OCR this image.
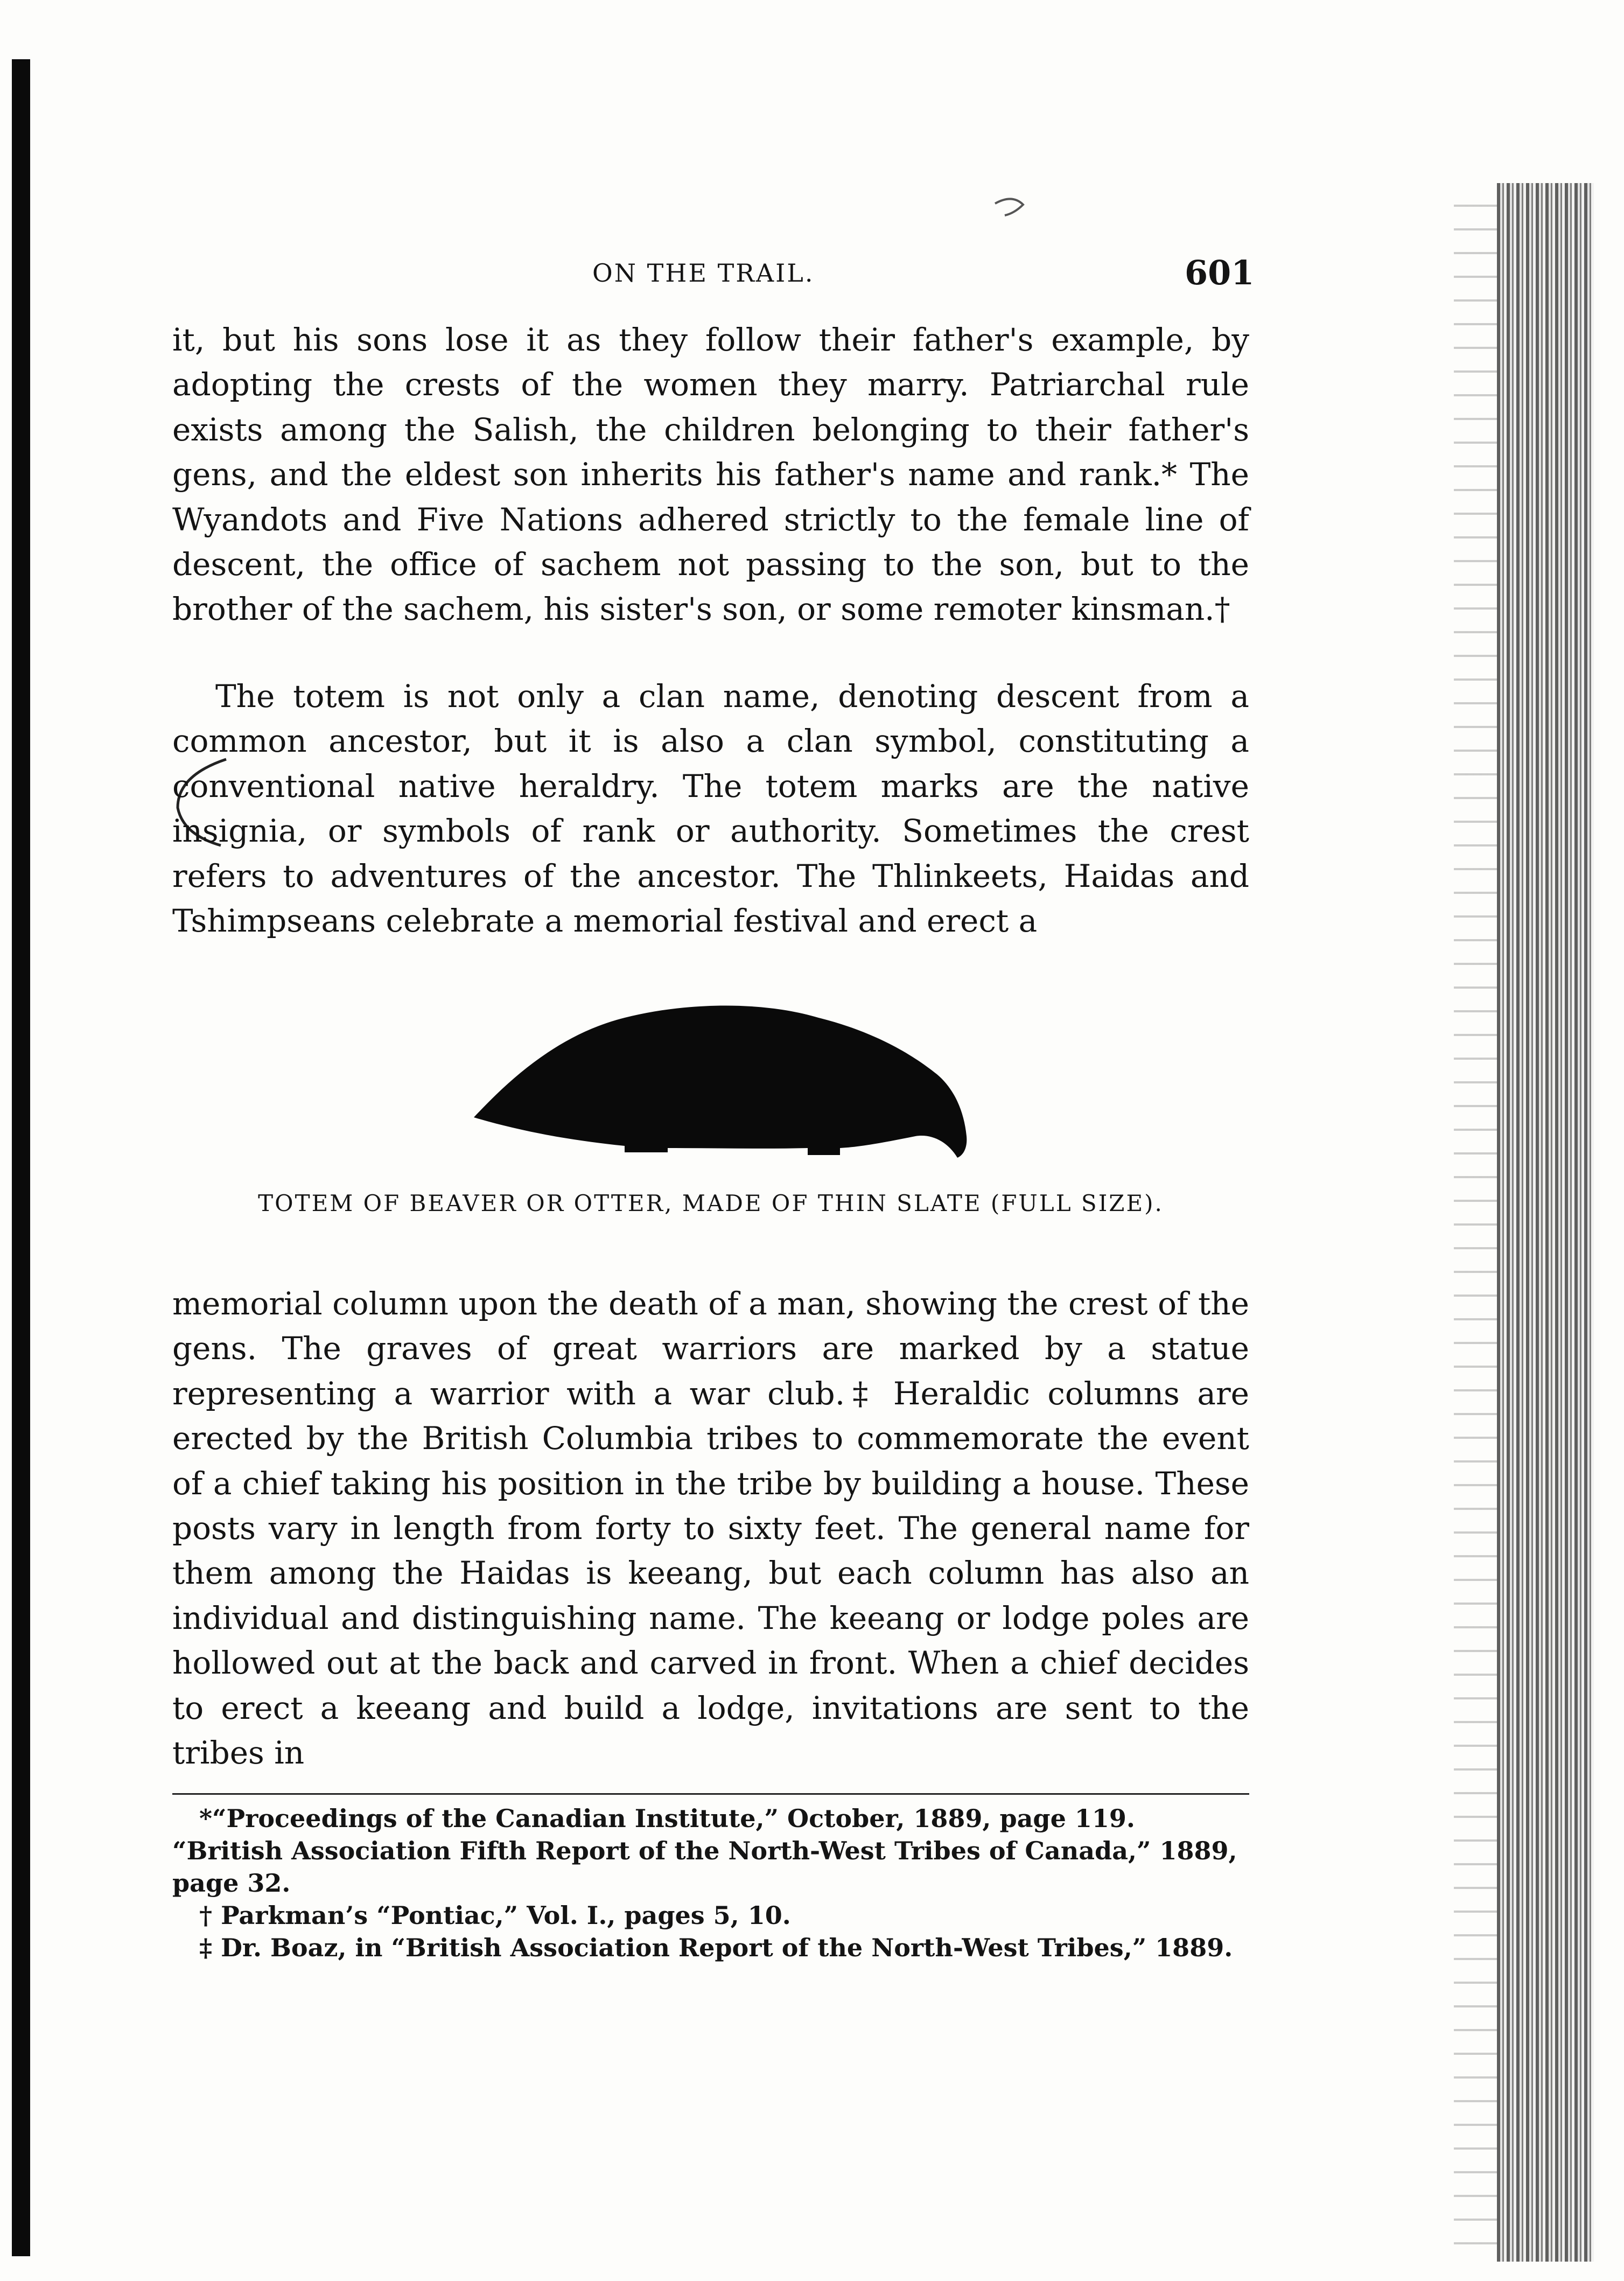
ON THE TRAIL.	601

it, but his sons lose it as they follow their father's example, by adopting the crests of the women they marry. Patriarchal rule exists among the Salish, the children belonging to their father's gens, and the eldest son inherits his father's name and rank.* The Wyandots and Five Nations adhered strictly to the female line of descent, the office of sachem not passing to the son, but to the brother of the sachem, his sister's son, or some remoter kinsman.†

The totem is not only a clan name, denoting descent from a common ancestor, but it is also a clan symbol, constituting a conventional native heraldry. The totem marks are the native insignia, or symbols of rank or authority. Sometimes the crest refers to adventures of the ancestor. The Thlinkeets, Haidas and Tshimpseans celebrate a memorial festival and erect a

TOTEM OF BEAVER OR OTTER, MADE OF THIN SLATE (FULL SIZE).

memorial column upon the death of a man, showing the crest of the gens. The graves of great warriors are marked by a statue representing a warrior with a war club.‡ Heraldic columns are erected by the British Columbia tribes to commemorate the event of a chief taking his position in the tribe by building a house. These posts vary in length from forty to sixty feet. The general name for them among the Haidas is keeang, but each column has also an individual and distinguishing name. The keeang or lodge poles are hollowed out at the back and carved in front. When a chief decides to erect a keeang and build a lodge, invitations are sent to the tribes in

*“Proceedings of the Canadian Institute,” October, 1889, page 119.

“British Association Fifth Report of the North-West Tribes of Canada,” 1889, page 32.

† Parkman’s “Pontiac,” Vol. I., pages 5, 10.

‡ Dr. Boaz, in “British Association Report of the North-West Tribes,” 1889.
